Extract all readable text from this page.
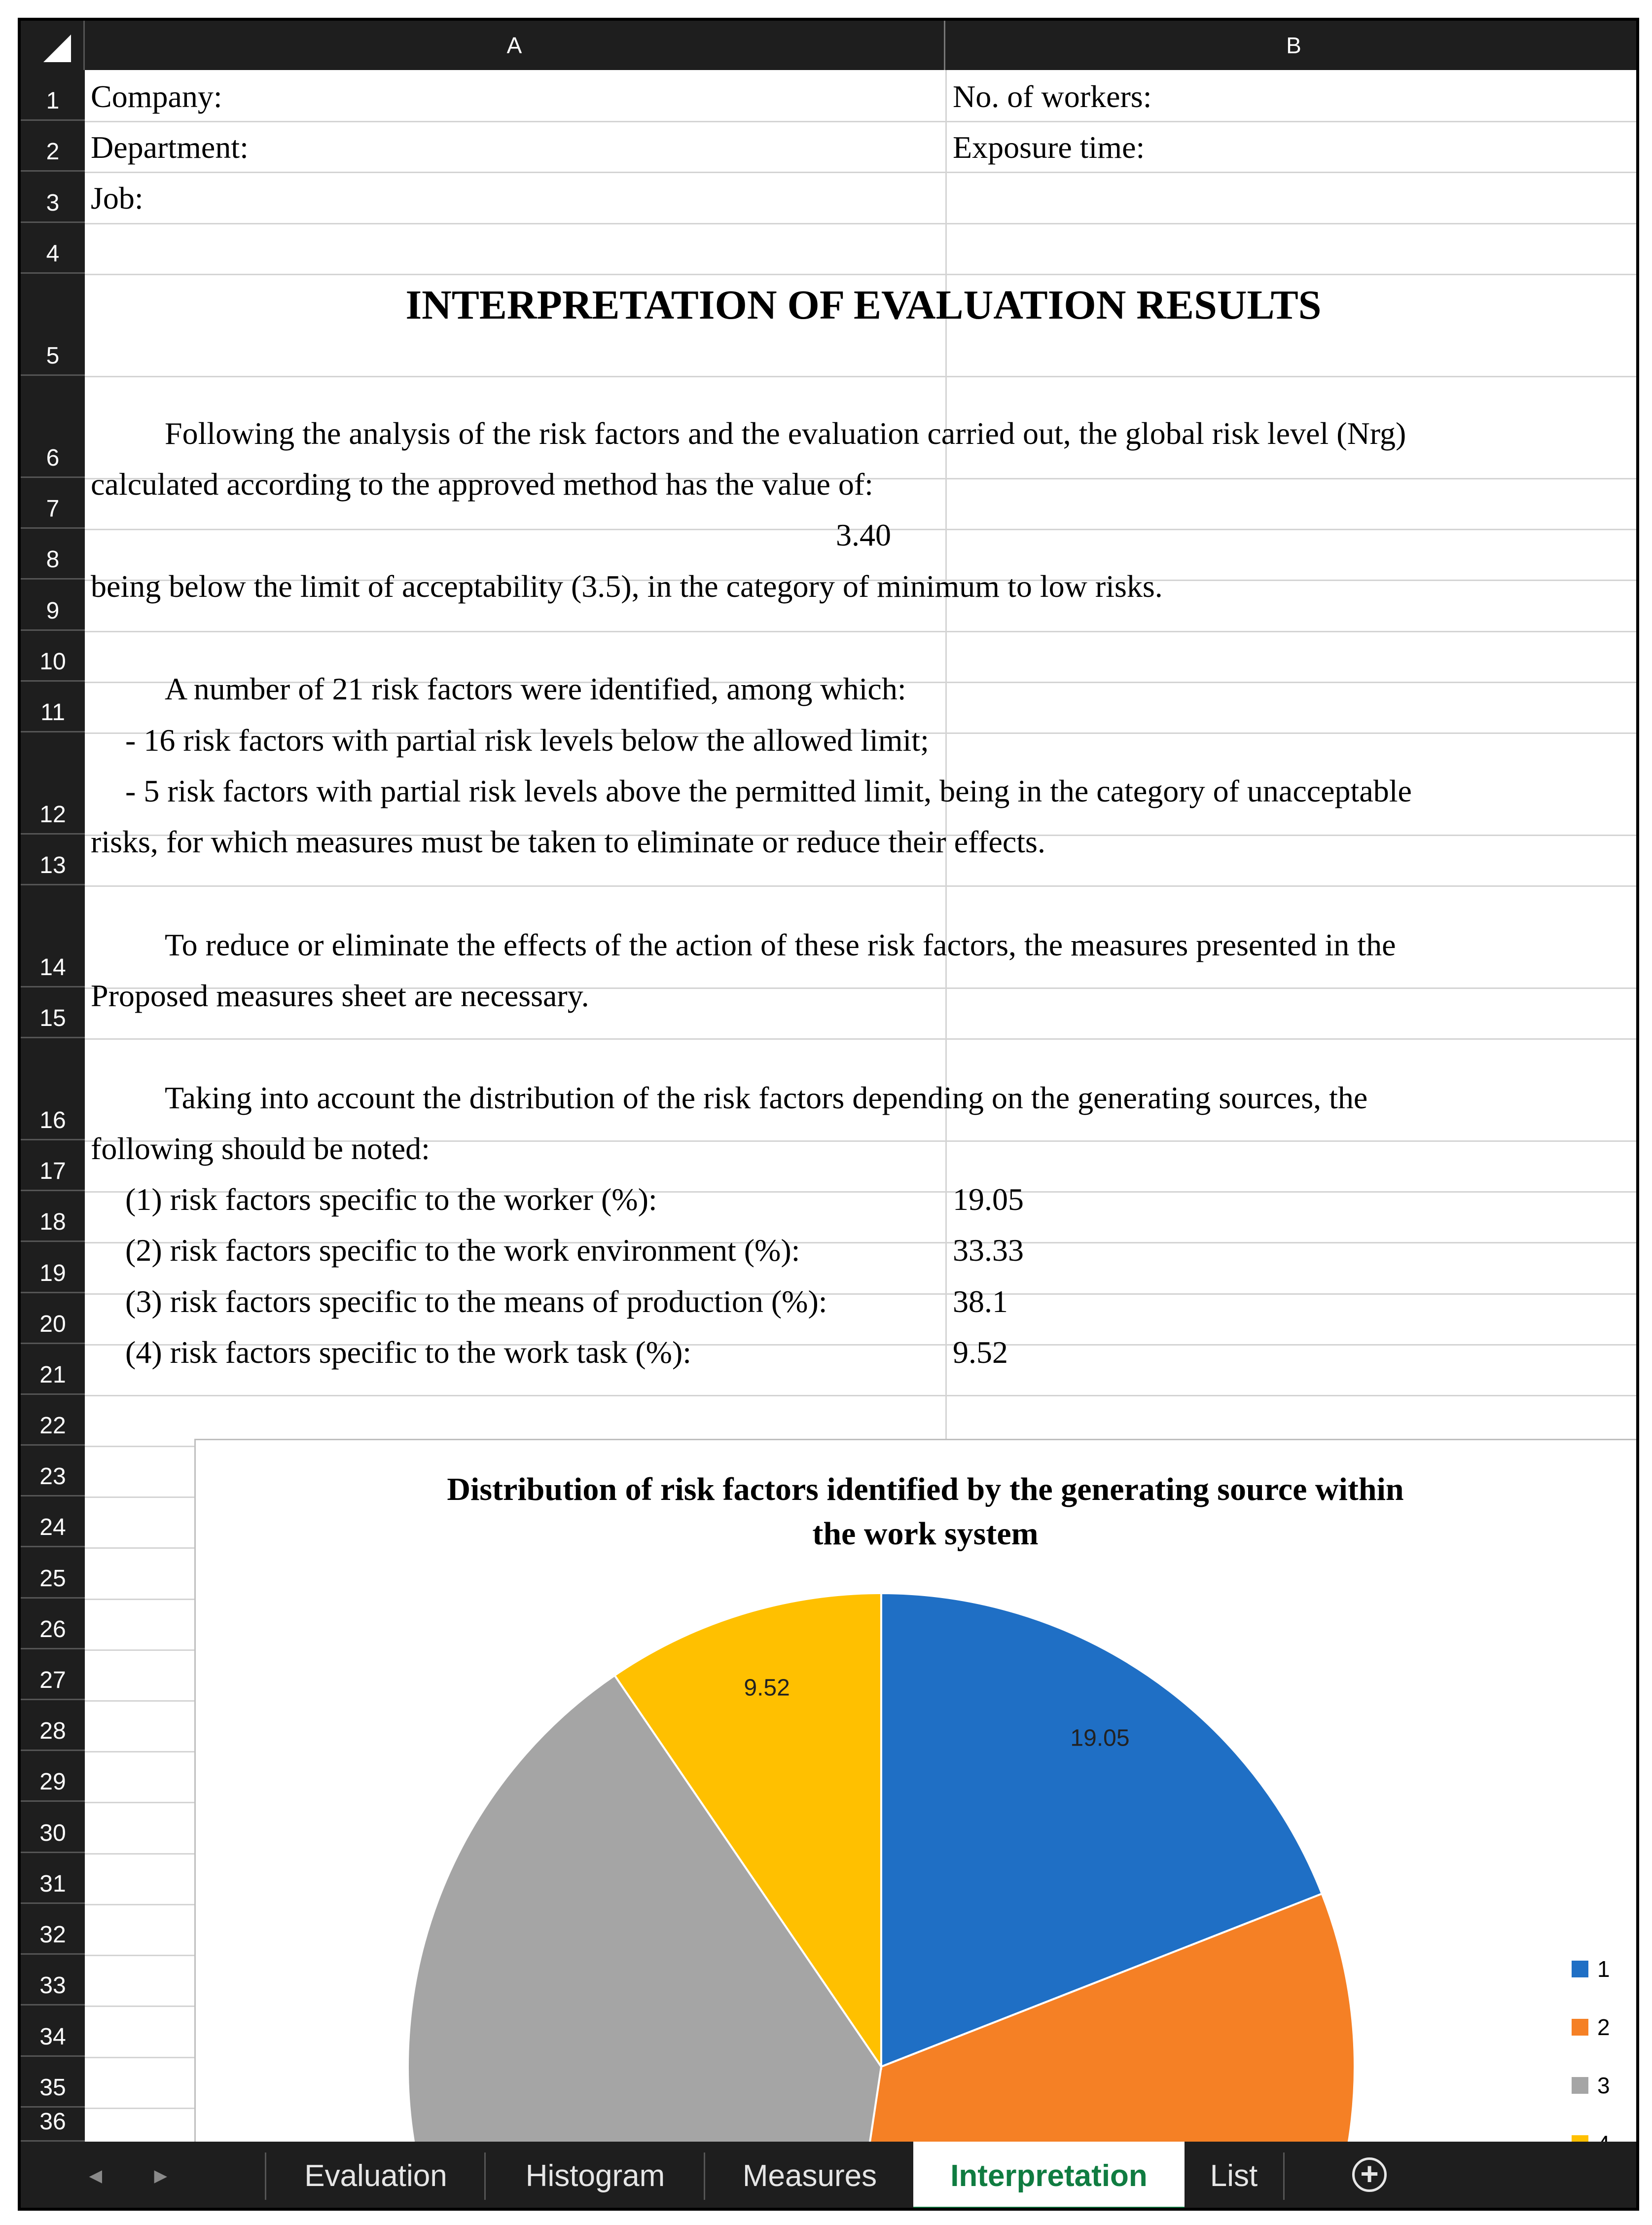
A	B
1
2
3
4
5
6
7
8
9
10
11
12
13
14
15
16
17
18
19
20
21
22
23
24
25
26
27
28
29
30
31
32
33
34
35
36
Company:	No. of workers:
Department:	Exposure time:
Job:
INTERPRETATION OF EVALUATION RESULTS
Following the analysis of the risk factors and the evaluation carried out, the global risk level (Nrg)
calculated according to the approved method has the value of:
3.40
being below the limit of acceptability (3.5), in the category of minimum to low risks.
A number of 21 risk factors were identified, among which:
- 16 risk factors with partial risk levels below the allowed limit;
- 5 risk factors with partial risk levels above the permitted limit, being in the category of unacceptable
risks, for which measures must be taken to eliminate or reduce their effects.
To reduce or eliminate the effects of the action of these risk factors, the measures presented in the
Proposed measures sheet are necessary.
Taking into account the distribution of the risk factors depending on the generating sources, the
following should be noted:
(1) risk factors specific to the worker (%):	19.05
(2) risk factors specific to the work environment (%):	33.33
(3) risk factors specific to the means of production (%):	38.1
(4) risk factors specific to the work task (%):	9.52
Distribution of risk factors identified by the generating source within
the work system
19.05
9.52
1
2
3
◄ ►	Evaluation	Histogram	Measures	Interpretation	List	+
